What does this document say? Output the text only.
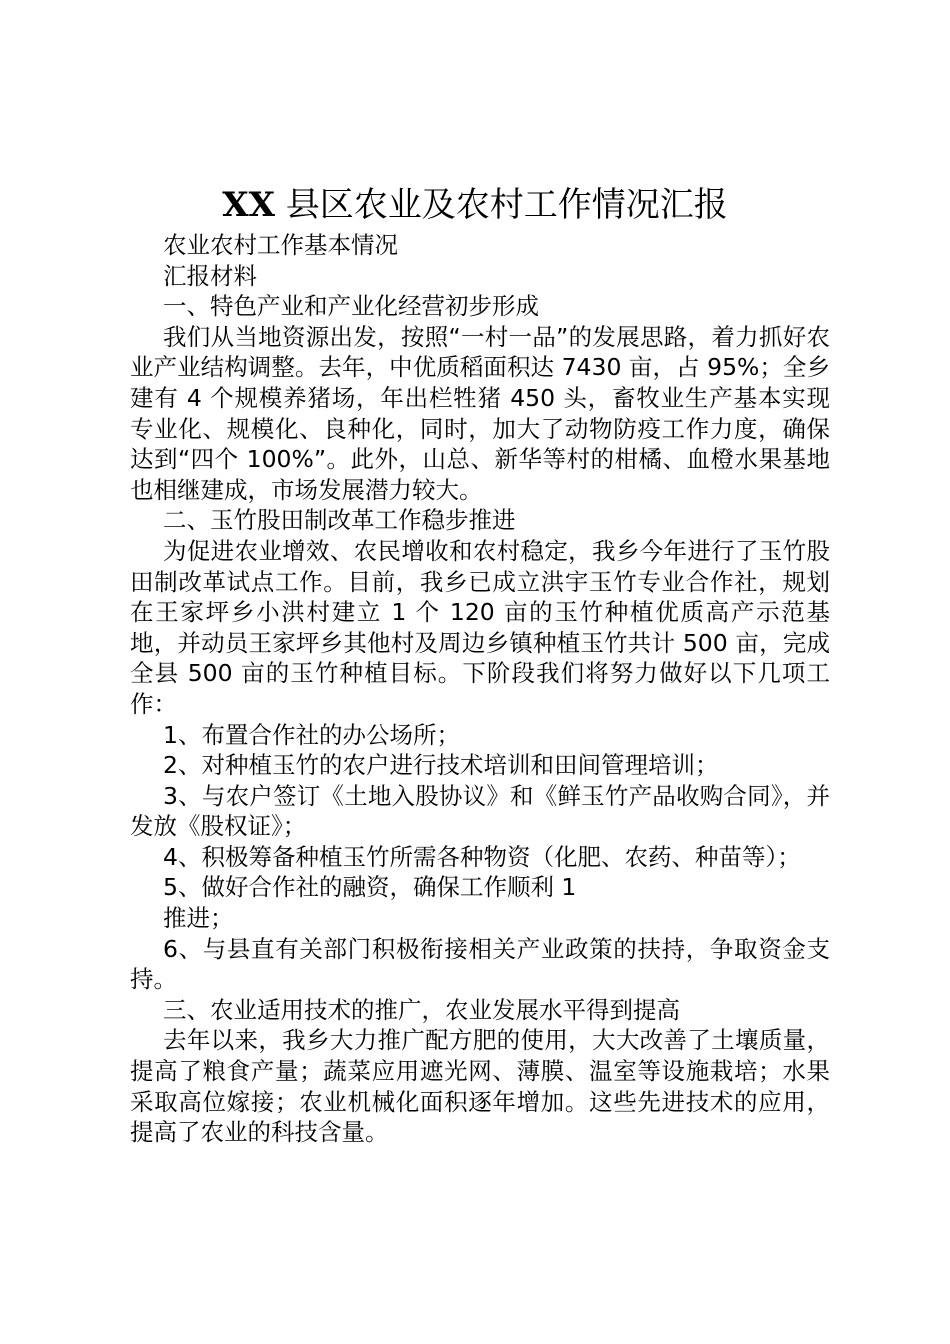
XX 县区农业及农村工作情况汇报

农业农村工作基本情况

汇报材料

一、特色产业和产业化经营初步形成

我们从当地资源出发，按照“一村一品”的发展思路，着力抓好农业产业结构调整。去年，中优质稻面积达 7430 亩，占 95%；全乡建有 4 个规模养猪场，年出栏牲猪 450 头，畜牧业生产基本实现专业化、规模化、良种化，同时，加大了动物防疫工作力度，确保达到“四个 100%”。此外，山总、新华等村的柑橘、血橙水果基地也相继建成，市场发展潜力较大。

二、玉竹股田制改革工作稳步推进

为促进农业增效、农民增收和农村稳定，我乡今年进行了玉竹股田制改革试点工作。目前，我乡已成立洪宇玉竹专业合作社，规划在王家坪乡小洪村建立 1 个 120 亩的玉竹种植优质高产示范基地，并动员王家坪乡其他村及周边乡镇种植玉竹共计 500 亩，完成全县 500 亩的玉竹种植目标。下阶段我们将努力做好以下几项工作：

1、布置合作社的办公场所；

2、对种植玉竹的农户进行技术培训和田间管理培训；

3、与农户签订《土地入股协议》和《鲜玉竹产品收购合同》，并发放《股权证》；

4、积极筹备种植玉竹所需各种物资（化肥、农药、种苗等）；

5、做好合作社的融资，确保工作顺利 1

推进；

6、与县直有关部门积极衔接相关产业政策的扶持，争取资金支持。

三、农业适用技术的推广，农业发展水平得到提高

去年以来，我乡大力推广配方肥的使用，大大改善了土壤质量，提高了粮食产量；蔬菜应用遮光网、薄膜、温室等设施栽培；水果采取高位嫁接；农业机械化面积逐年增加。这些先进技术的应用，提高了农业的科技含量。
